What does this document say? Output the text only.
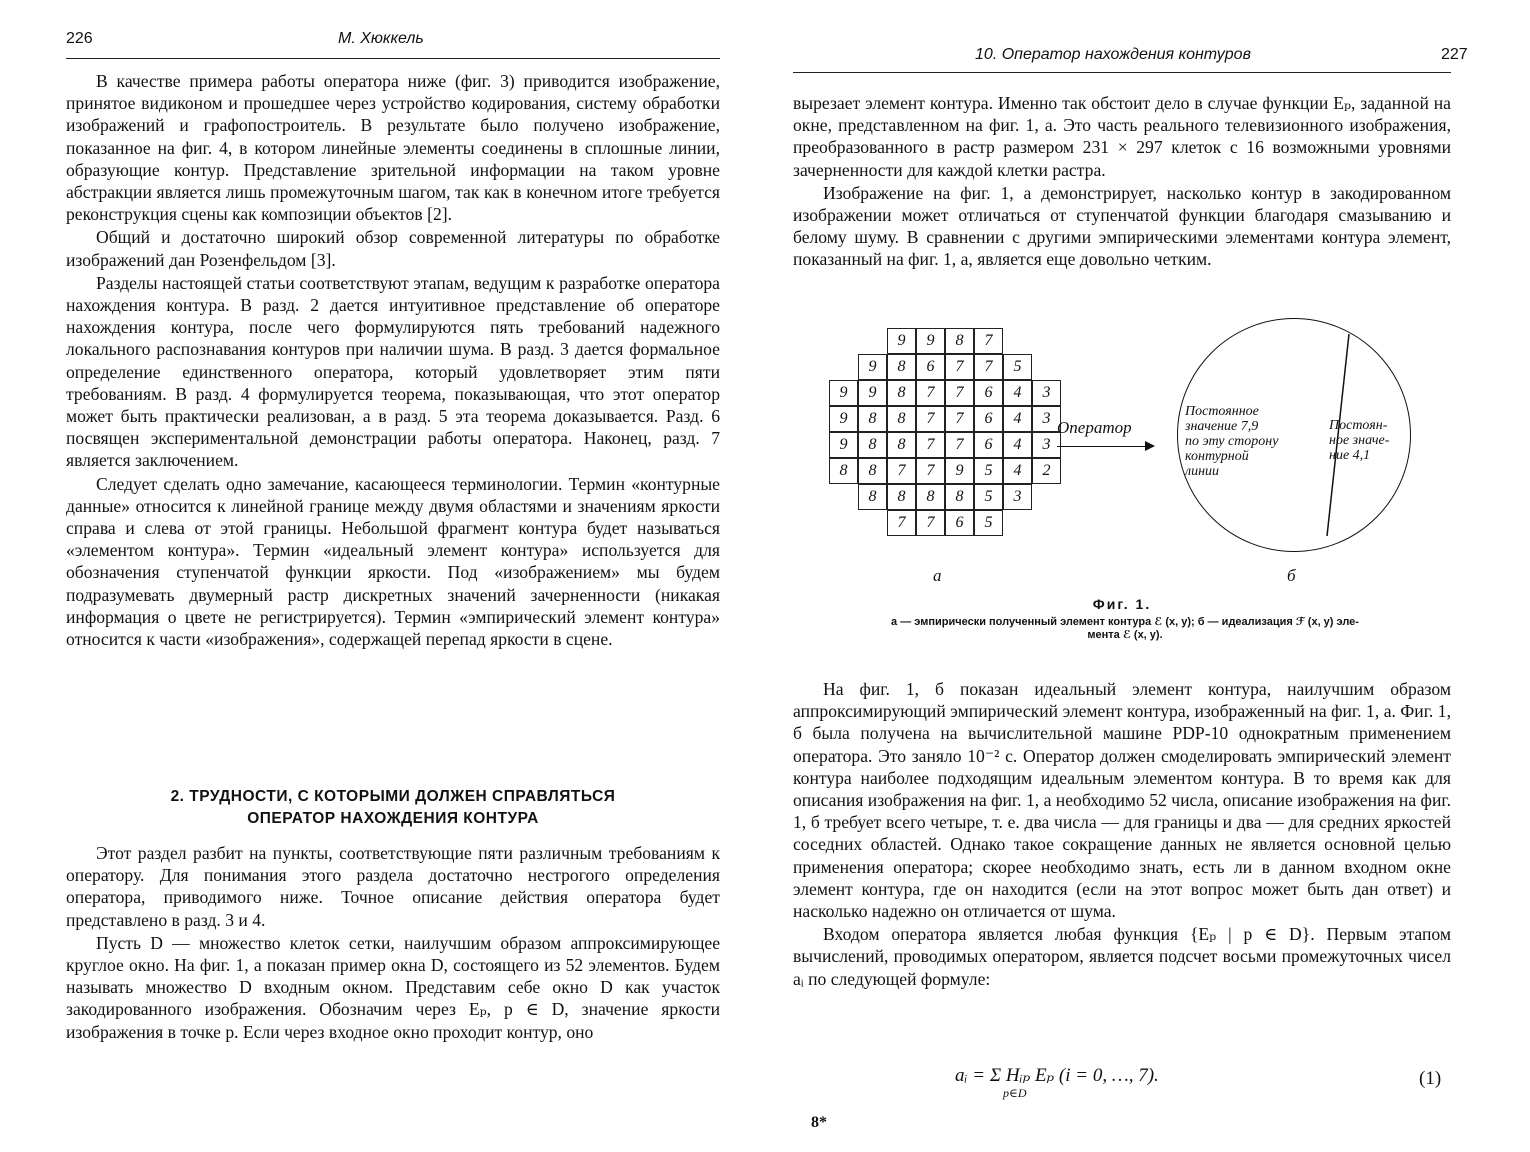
226	М. Хюккель

В качестве примера работы оператора ниже (фиг. 3) приводится изображение, принятое видиконом и прошедшее через устройство кодирования, систему обработки изображений и графопостроитель. В результате было получено изображение, показанное на фиг. 4, в котором линейные элементы соединены в сплошные линии, образующие контур. Представление зрительной информации на таком уровне абстракции является лишь промежуточным шагом, так как в конечном итоге требуется реконструкция сцены как композиции объектов [2].

Общий и достаточно широкий обзор современной литературы по обработке изображений дан Розенфельдом [3].

Разделы настоящей статьи соответствуют этапам, ведущим к разработке оператора нахождения контура. В разд. 2 дается интуитивное представление об операторе нахождения контура, после чего формулируются пять требований надежного локального распознавания контуров при наличии шума. В разд. 3 дается формальное определение единственного оператора, который удовлетворяет этим пяти требованиям. В разд. 4 формулируется теорема, показывающая, что этот оператор может быть практически реализован, а в разд. 5 эта теорема доказывается. Разд. 6 посвящен экспериментальной демонстрации работы оператора. Наконец, разд. 7 является заключением.

Следует сделать одно замечание, касающееся терминологии. Термин «контурные данные» относится к линейной границе между двумя областями и значениям яркости справа и слева от этой границы. Небольшой фрагмент контура будет называться «элементом контура». Термин «идеальный элемент контура» используется для обозначения ступенчатой функции яркости. Под «изображением» мы будем подразумевать двумерный растр дискретных значений зачерненности (никакая информация о цвете не регистрируется). Термин «эмпирический элемент контура» относится к части «изображения», содержащей перепад яркости в сцене.

2. ТРУДНОСТИ, С КОТОРЫМИ ДОЛЖЕН СПРАВЛЯТЬСЯ
ОПЕРАТОР НАХОЖДЕНИЯ КОНТУРА

Этот раздел разбит на пункты, соответствующие пяти различным требованиям к оператору. Для понимания этого раздела достаточно нестрогого определения оператора, приводимого ниже. Точное описание действия оператора будет представлено в разд. 3 и 4.

Пусть D — множество клеток сетки, наилучшим образом аппроксимирующее круглое окно. На фиг. 1, а показан пример окна D, состоящего из 52 элементов. Будем называть множество D входным окном. Представим себе окно D как участок закодированного изображения. Обозначим через Eₚ, p ∈ D, значение яркости изображения в точке p. Если через входное окно проходит контур, оно

10. Оператор нахождения контуров	227

вырезает элемент контура. Именно так обстоит дело в случае функции Eₚ, заданной на окне, представленном на фиг. 1, а. Это часть реального телевизионного изображения, преобразованного в растр размером 231 × 297 клеток с 16 возможными уровнями зачерненности для каждой клетки растра.

Изображение на фиг. 1, а демонстрирует, насколько контур в закодированном изображении может отличаться от ступенчатой функции благодаря смазыванию и белому шуму. В сравнении с другими эмпирическими элементами контура элемент, показанный на фиг. 1, а, является еще довольно четким.

9	9	8	7
9	8	6	7	7	5
9	9	8	7	7	6	4	3
9	8	8	7	7	6	4	3
9	8	8	7	7	6	4	3
8	8	7	7	9	5	4	2
8	8	8	8	5	3
7	7	6	5
Оператор
Постоянное
значение 7,9
по эту сторону
контурной
линии
Постоян-
ное значе-
ние 4,1
а	б
Фиг. 1.
а — эмпирически полученный элемент контура ℰ (x, y); б — идеализация ℱ (x, y) эле-
мента ℰ (x, y).

На фиг. 1, б показан идеальный элемент контура, наилучшим образом аппроксимирующий эмпирический элемент контура, изображенный на фиг. 1, а. Фиг. 1, б была получена на вычислительной машине PDP-10 однократным применением оператора. Это заняло 10⁻² с. Оператор должен смоделировать эмпирический элемент контура наиболее подходящим идеальным элементом контура. В то время как для описания изображения на фиг. 1, а необходимо 52 числа, описание изображения на фиг. 1, б требует всего четыре, т. е. два числа — для границы и два — для средних яркостей соседних областей. Однако такое сокращение данных не является основной целью применения оператора; скорее необходимо знать, есть ли в данном входном окне элемент контура, где он находится (если на этот вопрос может быть дан ответ) и насколько надежно он отличается от шума.

Входом оператора является любая функция {Eₚ | p ∈ D}. Первым этапом вычислений, проводимых оператором, является подсчет восьми промежуточных чисел aᵢ по следующей формуле:

aᵢ = Σ Hᵢₚ Eₚ (i = 0, …, 7).
p∈D
(1)
8*
